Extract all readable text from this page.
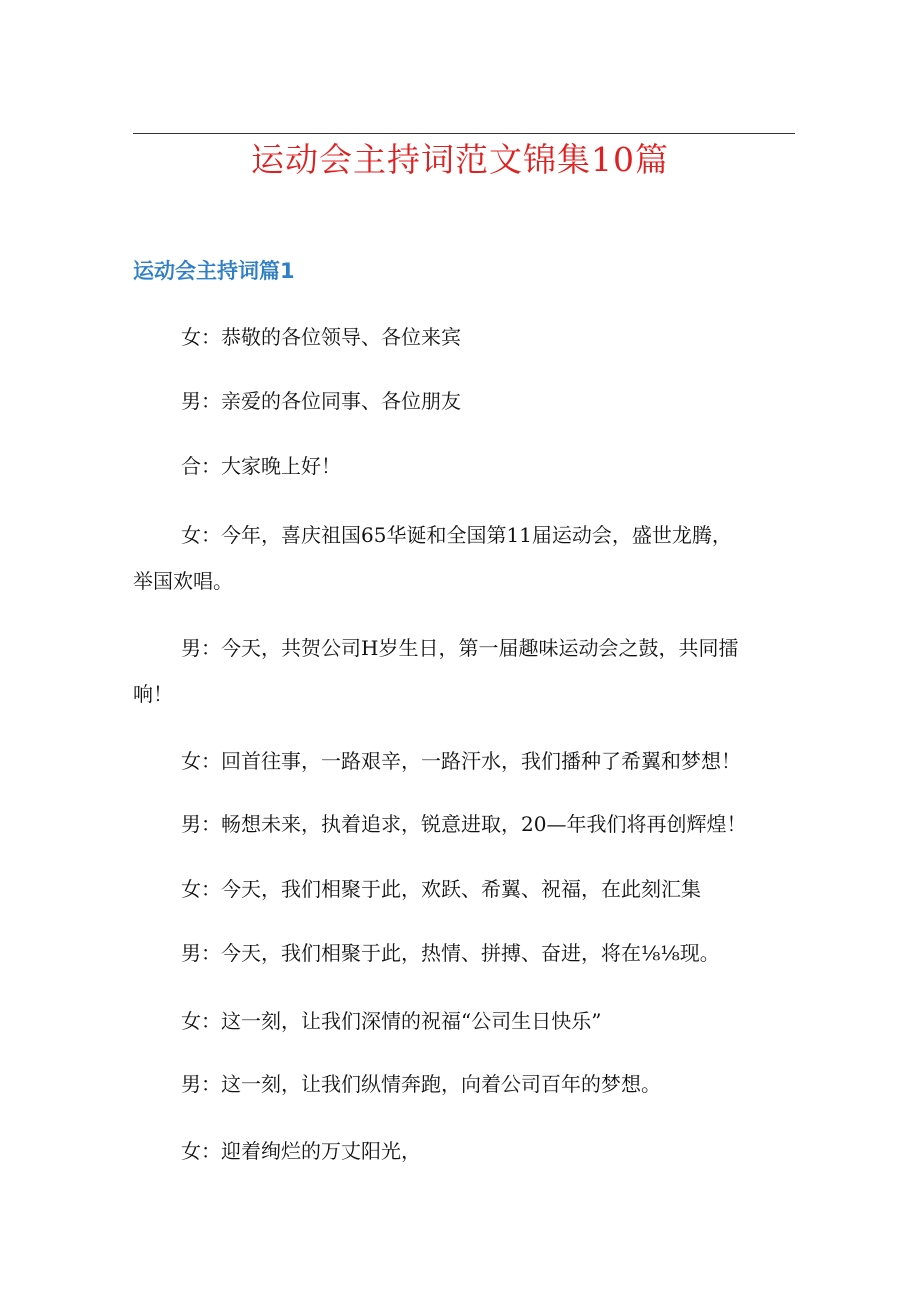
运动会主持词范文锦集10篇
运动会主持词篇1
女：恭敬的各位领导、各位来宾
男：亲爱的各位同事、各位朋友
合：大家晚上好！
女：今年，喜庆祖国65华诞和全国第11届运动会，盛世龙腾，
举国欢唱。
男：今天，共贺公司H岁生日，第一届趣味运动会之鼓，共同擂
响！
女：回首往事，一路艰辛，一路汗水，我们播种了希翼和梦想！
男：畅想未来，执着追求，锐意进取，20—年我们将再创辉煌！
女：今天，我们相聚于此，欢跃、希翼、祝福，在此刻汇集
男：今天，我们相聚于此，热情、拼搏、奋进，将在⅛⅛现。
女：这一刻，让我们深情的祝福“公司生日快乐”
男：这一刻，让我们纵情奔跑，向着公司百年的梦想。
女：迎着绚烂的万丈阳光，
